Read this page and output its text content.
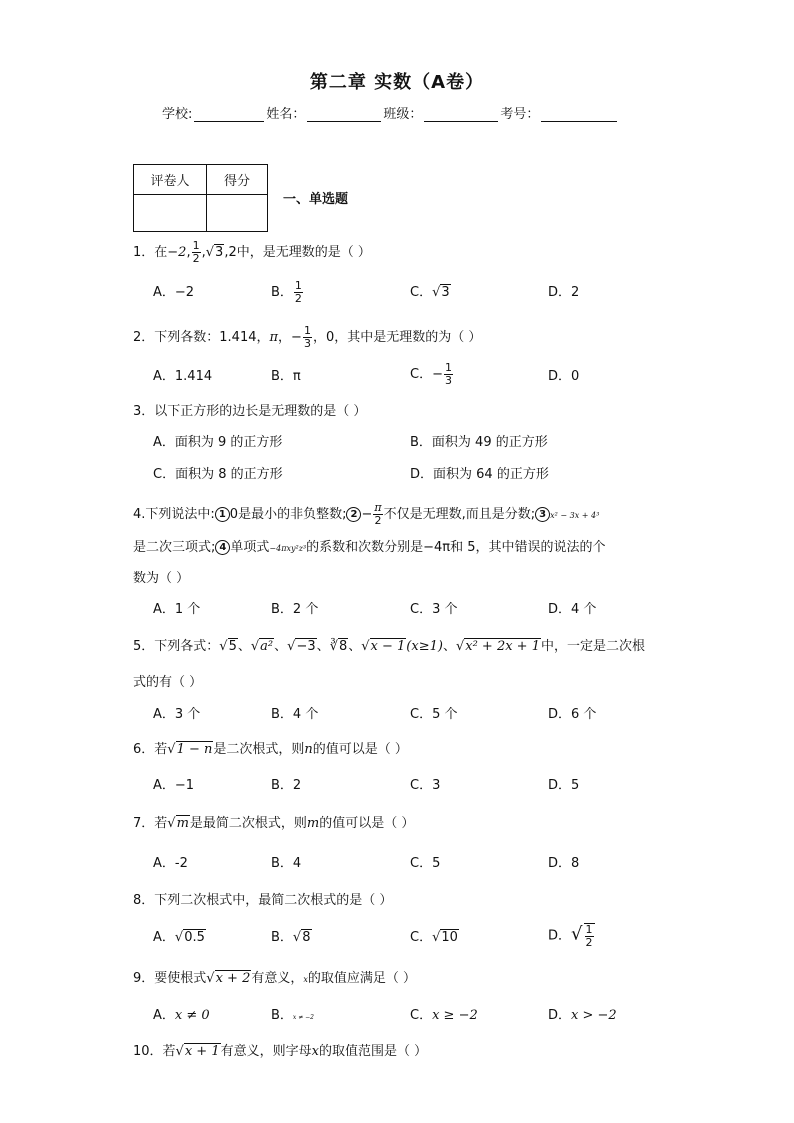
第二章 实数（A卷）
学校:	姓名：	班级：	考号：
评卷人	得分

一、单选题
1．在−2, $\frac{1}{2} ,√3,2$中，是无理数的是（ ）
A．−2	B． $\frac{1}{2}$	C．√3	D．2
2．下列各数：1.414，π，− $\frac{1}{3}$ ，0，其中是无理数的为（ ）
A．1.414	B．π	C．− $\frac{1}{3}$	D．0
3．以下正方形的边长是无理数的是（ ）
A．面积为 9 的正方形	B．面积为 49 的正方形
C．面积为 8 的正方形	D．面积为 64 的正方形
4.下列说法中: 1 0是最小的非负整数; $2 - \frac{\pi}{2}$ 不仅是无理数,而且是分数; 3 x² − 3x + 4³
是二次三项式; 4 单项式−4πxy²z³的系数和次数分别是−4π和 5，其中错误的说法的个
数为（ ）
A．1 个	B．2 个	C．3 个	D．4 个
5．下列各式：√5、√a²、√−3、∛8、√x − 1(x≥1)、√x² + 2x + 1中，一定是二次根
式的有（ ）
A．3 个	B．4 个	C．5 个	D．6 个
6．若√1 − n是二次根式，则n的值可以是（ ）
A．−1	B．2	C．3	D．5
7．若√m是最简二次根式，则m的值可以是（ ）
A．-2	B．4	C．5	D．8
8．下列二次根式中，最简二次根式的是（ ）
A．√0.5	B．√8	C．√10	D．√ $\frac{1}{2}$
9．要使根式√x + 2有意义，x的取值应满足（ ）
A．x ≠ 0	B．x ≠ −2	C．x ≥ −2	D．x > −2
10．若√x + 1有意义，则字母x的取值范围是（ ）
